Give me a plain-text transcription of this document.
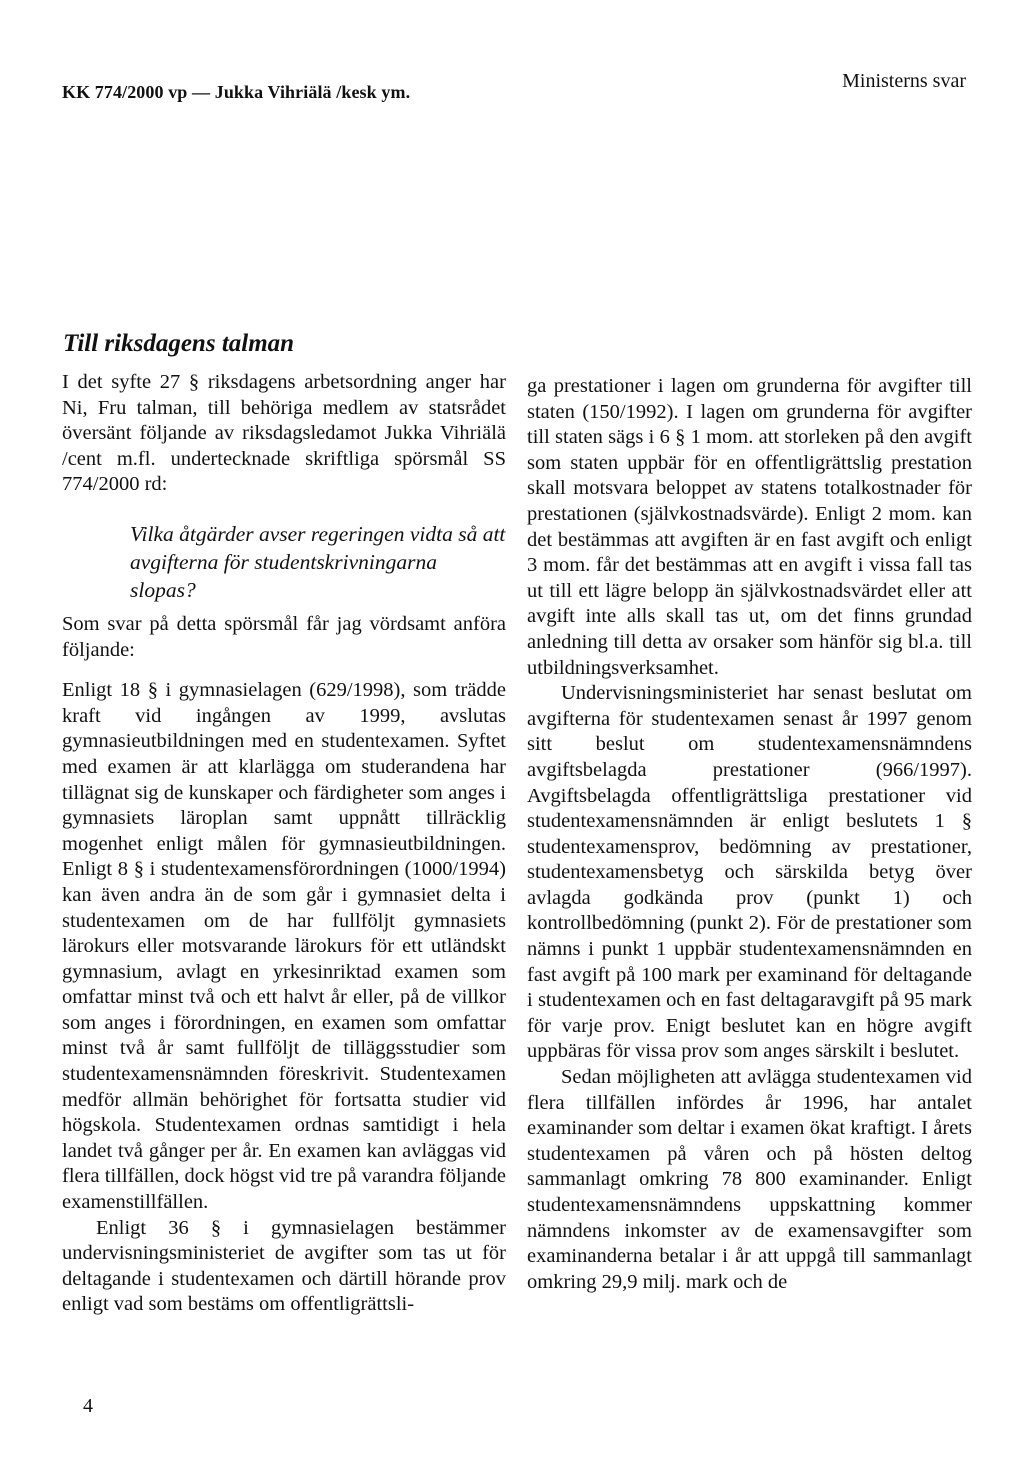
KK 774/2000 vp — Jukka Vihriälä /kesk ym.	Ministerns svar
Till riksdagens talman

I det syfte 27 § riksdagens arbetsordning anger har Ni, Fru talman, till behöriga medlem av statsrådet översänt följande av riksdagsledamot Jukka Vihriälä /cent m.fl. undertecknade skriftliga spörsmål SS 774/2000 rd:

Vilka åtgärder avser regeringen vidta så att avgifterna för studentskrivningarna slopas?

Som svar på detta spörsmål får jag vördsamt anföra följande:

Enligt 18 § i gymnasielagen (629/1998), som trädde kraft vid ingången av 1999, avslutas gymnasieutbildningen med en studentexamen. Syftet med examen är att klarlägga om studerandena har tillägnat sig de kunskaper och färdigheter som anges i gymnasiets läroplan samt uppnått tillräcklig mogenhet enligt målen för gymnasieutbildningen. Enligt 8 § i studentexamensförordningen (1000/1994) kan även andra än de som går i gymnasiet delta i studentexamen om de har fullföljt gymnasiets lärokurs eller motsvarande lärokurs för ett utländskt gymnasium, avlagt en yrkesinriktad examen som omfattar minst två och ett halvt år eller, på de villkor som anges i förordningen, en examen som omfattar minst två år samt fullföljt de tilläggsstudier som studentexamensnämnden föreskrivit. Studentexamen medför allmän behörighet för fortsatta studier vid högskola. Studentexamen ordnas samtidigt i hela landet två gånger per år. En examen kan avläggas vid flera tillfällen, dock högst vid tre på varandra följande examenstillfällen.

Enligt 36 § i gymnasielagen bestämmer undervisningsministeriet de avgifter som tas ut för deltagande i studentexamen och därtill hörande prov enligt vad som bestäms om offentligrättsli-

ga prestationer i lagen om grunderna för avgifter till staten (150/1992). I lagen om grunderna för avgifter till staten sägs i 6 § 1 mom. att storleken på den avgift som staten uppbär för en offentligrättslig prestation skall motsvara beloppet av statens totalkostnader för prestationen (självkostnadsvärde). Enligt 2 mom. kan det bestämmas att avgiften är en fast avgift och enligt 3 mom. får det bestämmas att en avgift i vissa fall tas ut till ett lägre belopp än självkostnadsvärdet eller att avgift inte alls skall tas ut, om det finns grundad anledning till detta av orsaker som hänför sig bl.a. till utbildningsverksamhet.

Undervisningsministeriet har senast beslutat om avgifterna för studentexamen senast år 1997 genom sitt beslut om studentexamensnämndens avgiftsbelagda prestationer (966/1997). Avgiftsbelagda offentligrättsliga prestationer vid studentexamensnämnden är enligt beslutets 1 § studentexamensprov, bedömning av prestationer, studentexamensbetyg och särskilda betyg över avlagda godkända prov (punkt 1) och kontrollbedömning (punkt 2). För de prestationer som nämns i punkt 1 uppbär studentexamensnämnden en fast avgift på 100 mark per examinand för deltagande i studentexamen och en fast deltagaravgift på 95 mark för varje prov. Enigt beslutet kan en högre avgift uppbäras för vissa prov som anges särskilt i beslutet.

Sedan möjligheten att avlägga studentexamen vid flera tillfällen infördes år 1996, har antalet examinander som deltar i examen ökat kraftigt. I årets studentexamen på våren och på hösten deltog sammanlagt omkring 78 800 examinander. Enligt studentexamensnämndens uppskattning kommer nämndens inkomster av de examensavgifter som examinanderna betalar i år att uppgå till sammanlagt omkring 29,9 milj. mark och de

4
